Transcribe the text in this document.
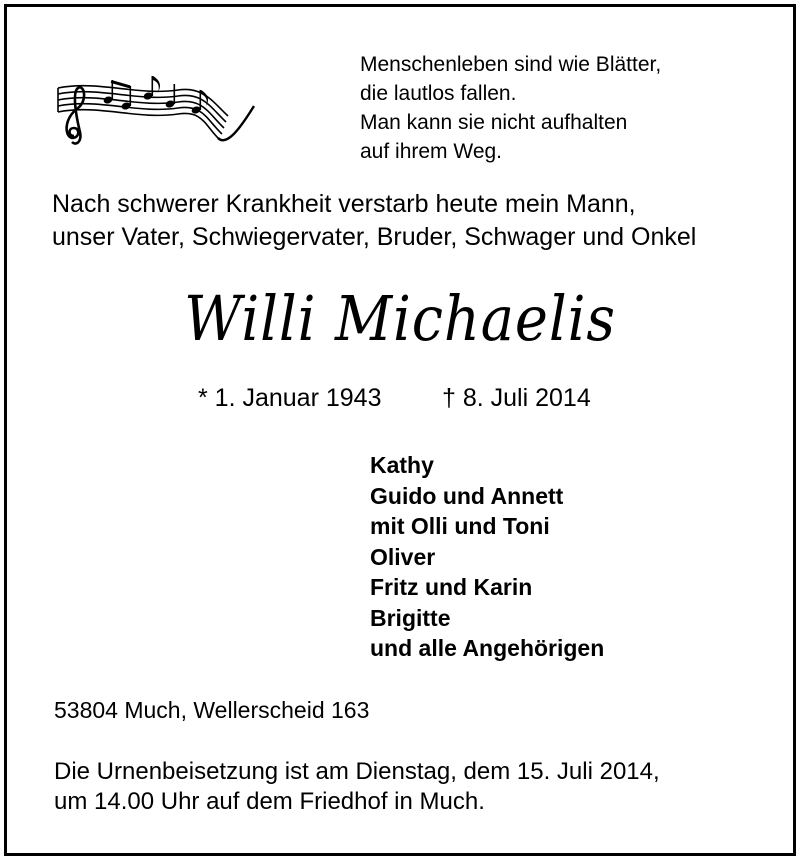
Menschenleben sind wie Blätter,
die lautlos fallen.
Man kann sie nicht aufhalten
auf ihrem Weg.
Nach schwerer Krankheit verstarb heute mein Mann,
unser Vater, Schwiegervater, Bruder, Schwager und Onkel
Willi Michaelis
* 1. Januar 1943 † 8. Juli 2014
Kathy
Guido und Annett
mit Olli und Toni
Oliver
Fritz und Karin
Brigitte
und alle Angehörigen
53804 Much, Wellerscheid 163
Die Urnenbeisetzung ist am Dienstag, dem 15. Juli 2014,
um 14.00 Uhr auf dem Friedhof in Much.
